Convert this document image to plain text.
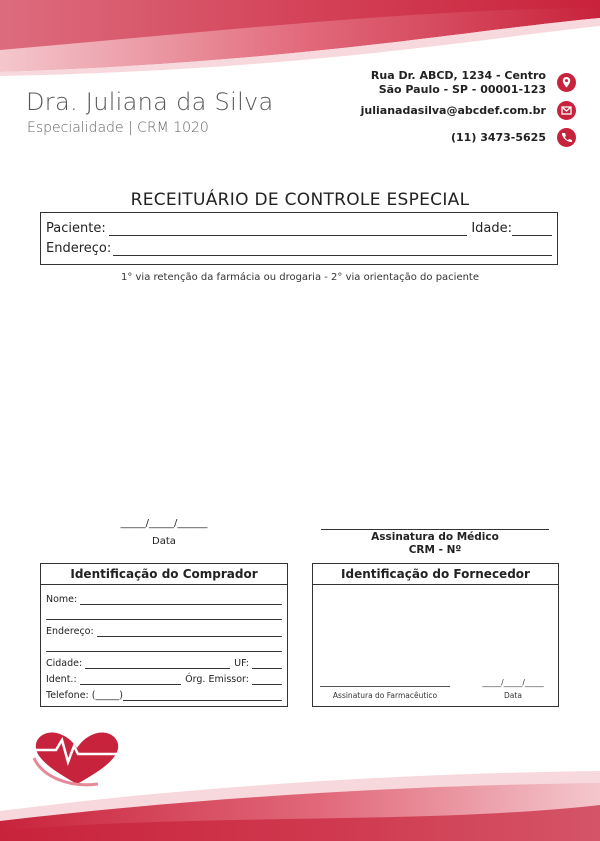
Dra. Juliana da Silva
Especialidade | CRM 1020
Rua Dr. ABCD, 1234 - Centro
São Paulo - SP - 00001-123
julianadasilva@abcdef.com.br
(11) 3473-5625
RECEITUÁRIO DE CONTROLE ESPECIAL
Paciente:	Idade:
Endereço:
1° via retenção da farmácia ou drogaria - 2° via orientação do paciente
_____/_____/______
Data	Assinatura do Médico
CRM - Nº
Identificação do Comprador
Nome:
Endereço:
Cidade:	UF:
Ident.:	Órg. Emissor:
Telefone: (_____)
Identificação do Fornecedor
Assinatura do Farmacêutico
_____/_____/_____
Data
